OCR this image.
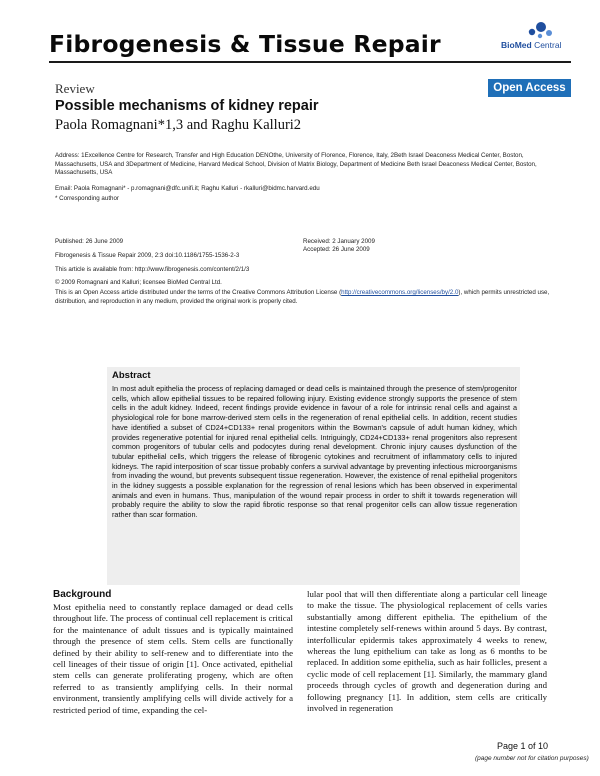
Fibrogenesis & Tissue Repair	BioMed Central
Review	Open Access
Possible mechanisms of kidney repair
Paola Romagnani*1,3 and Raghu Kalluri2
Address: 1Excellence Centre for Research, Transfer and High Education DENOthe, University of Florence, Florence, Italy, 2Beth Israel Deaconess Medical Center, Boston, Massachusetts, USA and 3Department of Medicine, Harvard Medical School, Division of Matrix Biology, Department of Medicine Beth Israel Deaconess Medical Center, Boston, Massachusetts, USA
Email: Paola Romagnani* - p.romagnani@dfc.unifi.it; Raghu Kalluri - rkalluri@bidmc.harvard.edu
* Corresponding author
Published: 26 June 2009
Fibrogenesis & Tissue Repair 2009, 2:3 doi:10.1186/1755-1536-2-3
This article is available from: http://www.fibrogenesis.com/content/2/1/3
Received: 2 January 2009
Accepted: 26 June 2009
© 2009 Romagnani and Kalluri; licensee BioMed Central Ltd.
This is an Open Access article distributed under the terms of the Creative Commons Attribution License (http://creativecommons.org/licenses/by/2.0), which permits unrestricted use, distribution, and reproduction in any medium, provided the original work is properly cited.
Abstract

In most adult epithelia the process of replacing damaged or dead cells is maintained through the presence of stem/progenitor cells, which allow epithelial tissues to be repaired following injury. Existing evidence strongly supports the presence of stem cells in the adult kidney. Indeed, recent findings provide evidence in favour of a role for intrinsic renal cells and against a physiological role for bone marrow-derived stem cells in the regeneration of renal epithelial cells. In addition, recent studies have identified a subset of CD24+CD133+ renal progenitors within the Bowman's capsule of adult human kidney, which provides regenerative potential for injured renal epithelial cells. Intriguingly, CD24+CD133+ renal progenitors also represent common progenitors of tubular cells and podocytes during renal development. Chronic injury causes dysfunction of the tubular epithelial cells, which triggers the release of fibrogenic cytokines and recruitment of inflammatory cells to injured kidneys. The rapid interposition of scar tissue probably confers a survival advantage by preventing infectious microorganisms from invading the wound, but prevents subsequent tissue regeneration. However, the existence of renal epithelial progenitors in the kidney suggests a possible explanation for the regression of renal lesions which has been observed in experimental animals and even in humans. Thus, manipulation of the wound repair process in order to shift it towards regeneration will probably require the ability to slow the rapid fibrotic response so that renal progenitor cells can allow tissue regeneration rather than scar formation.

Background

Most epithelia need to constantly replace damaged or dead cells throughout life. The process of continual cell replacement is critical for the maintenance of adult tissues and is typically maintained through the presence of stem cells. Stem cells are functionally defined by their ability to self-renew and to differentiate into the cell lineages of their tissue of origin [1]. Once activated, epithelial stem cells can generate proliferating progeny, which are often referred to as transiently amplifying cells. In their normal environment, transiently amplifying cells will divide actively for a restricted period of time, expanding the cel-

lular pool that will then differentiate along a particular cell lineage to make the tissue. The physiological replacement of cells varies substantially among different epithelia. The epithelium of the intestine completely self-renews within around 5 days. By contrast, interfollicular epidermis takes approximately 4 weeks to renew, whereas the lung epithelium can take as long as 6 months to be replaced. In addition some epithelia, such as hair follicles, present a cyclic mode of cell replacement [1]. Similarly, the mammary gland proceeds through cycles of growth and degeneration during and following pregnancy [1]. In addition, stem cells are critically involved in regeneration

Page 1 of 10
(page number not for citation purposes)
